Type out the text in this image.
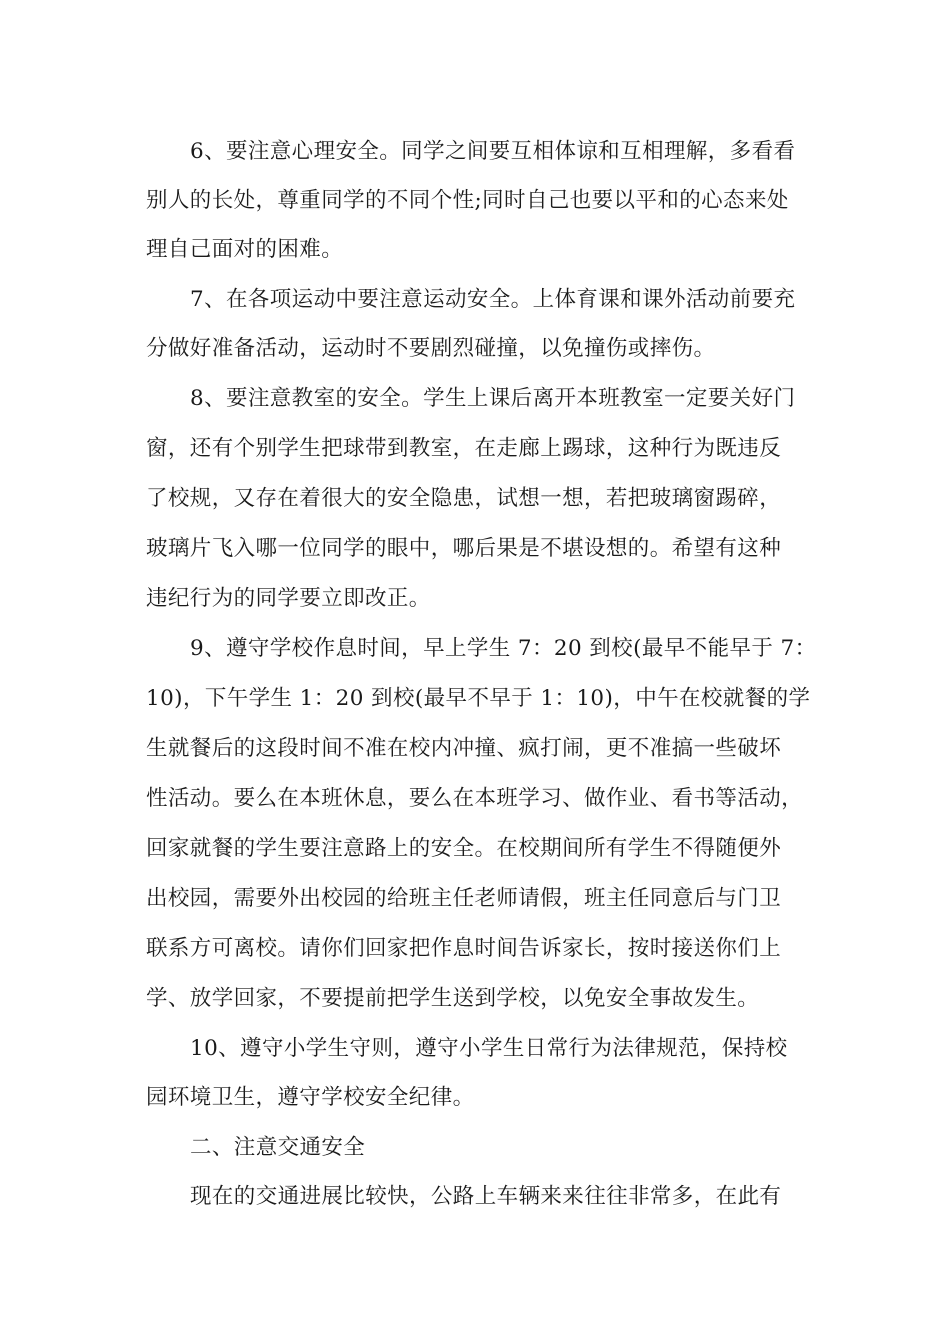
6、要注意心理安全。同学之间要互相体谅和互相理解，多看看

别人的长处，尊重同学的不同个性;同时自己也要以平和的心态来处

理自己面对的困难。

7、在各项运动中要注意运动安全。上体育课和课外活动前要充

分做好准备活动，运动时不要剧烈碰撞，以免撞伤或摔伤。

8、要注意教室的安全。学生上课后离开本班教室一定要关好门

窗，还有个别学生把球带到教室，在走廊上踢球，这种行为既违反

了校规，又存在着很大的安全隐患，试想一想，若把玻璃窗踢碎，

玻璃片飞入哪一位同学的眼中，哪后果是不堪设想的。希望有这种

违纪行为的同学要立即改正。

9、遵守学校作息时间，早上学生 7：20 到校(最早不能早于 7：

10)，下午学生 1：20 到校(最早不早于 1：10)，中午在校就餐的学

生就餐后的这段时间不准在校内冲撞、疯打闹，更不准搞一些破坏

性活动。要么在本班休息，要么在本班学习、做作业、看书等活动，

回家就餐的学生要注意路上的安全。在校期间所有学生不得随便外

出校园，需要外出校园的给班主任老师请假，班主任同意后与门卫

联系方可离校。请你们回家把作息时间告诉家长，按时接送你们上

学、放学回家，不要提前把学生送到学校，以免安全事故发生。

10、遵守小学生守则，遵守小学生日常行为法律规范，保持校

园环境卫生，遵守学校安全纪律。

二、注意交通安全

现在的交通进展比较快，公路上车辆来来往往非常多，在此有
